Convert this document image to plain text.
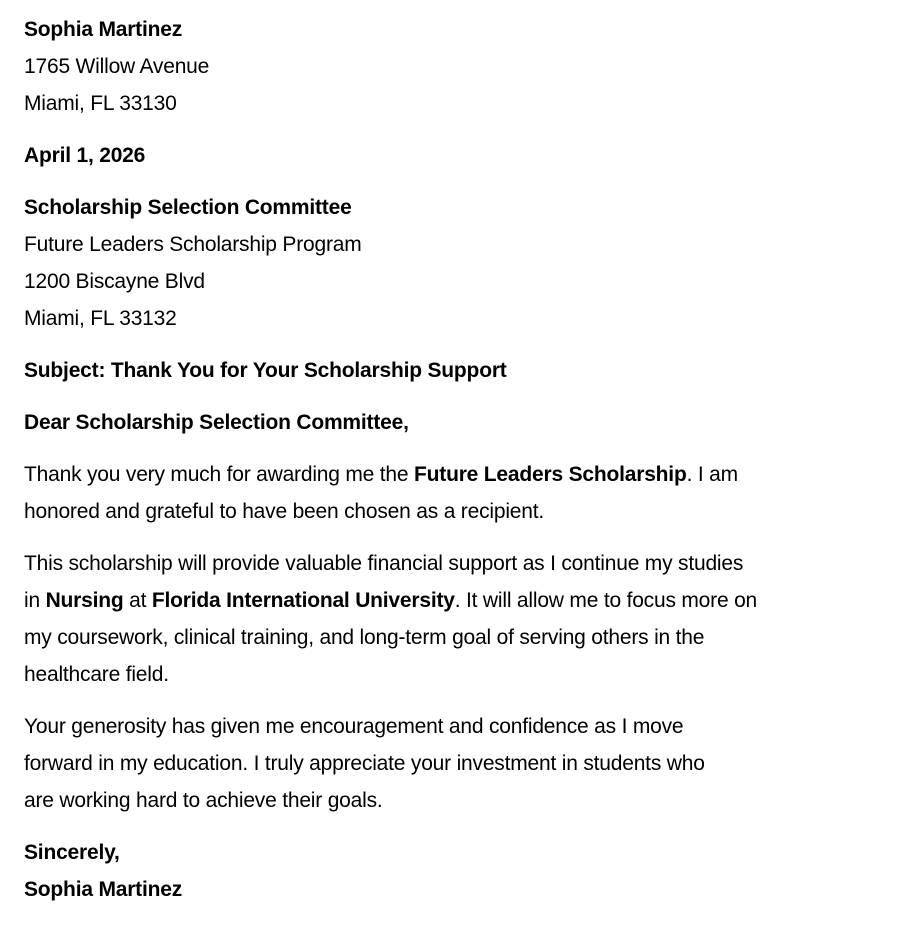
Sophia Martinez

1765 Willow Avenue

Miami, FL 33130

April 1, 2026

Scholarship Selection Committee

Future Leaders Scholarship Program

1200 Biscayne Blvd

Miami, FL 33132

Subject: Thank You for Your Scholarship Support

Dear Scholarship Selection Committee,

Thank you very much for awarding me the Future Leaders Scholarship. I am

honored and grateful to have been chosen as a recipient.

This scholarship will provide valuable financial support as I continue my studies

in Nursing at Florida International University. It will allow me to focus more on

my coursework, clinical training, and long-term goal of serving others in the

healthcare field.

Your generosity has given me encouragement and confidence as I move

forward in my education. I truly appreciate your investment in students who

are working hard to achieve their goals.

Sincerely,

Sophia Martinez
